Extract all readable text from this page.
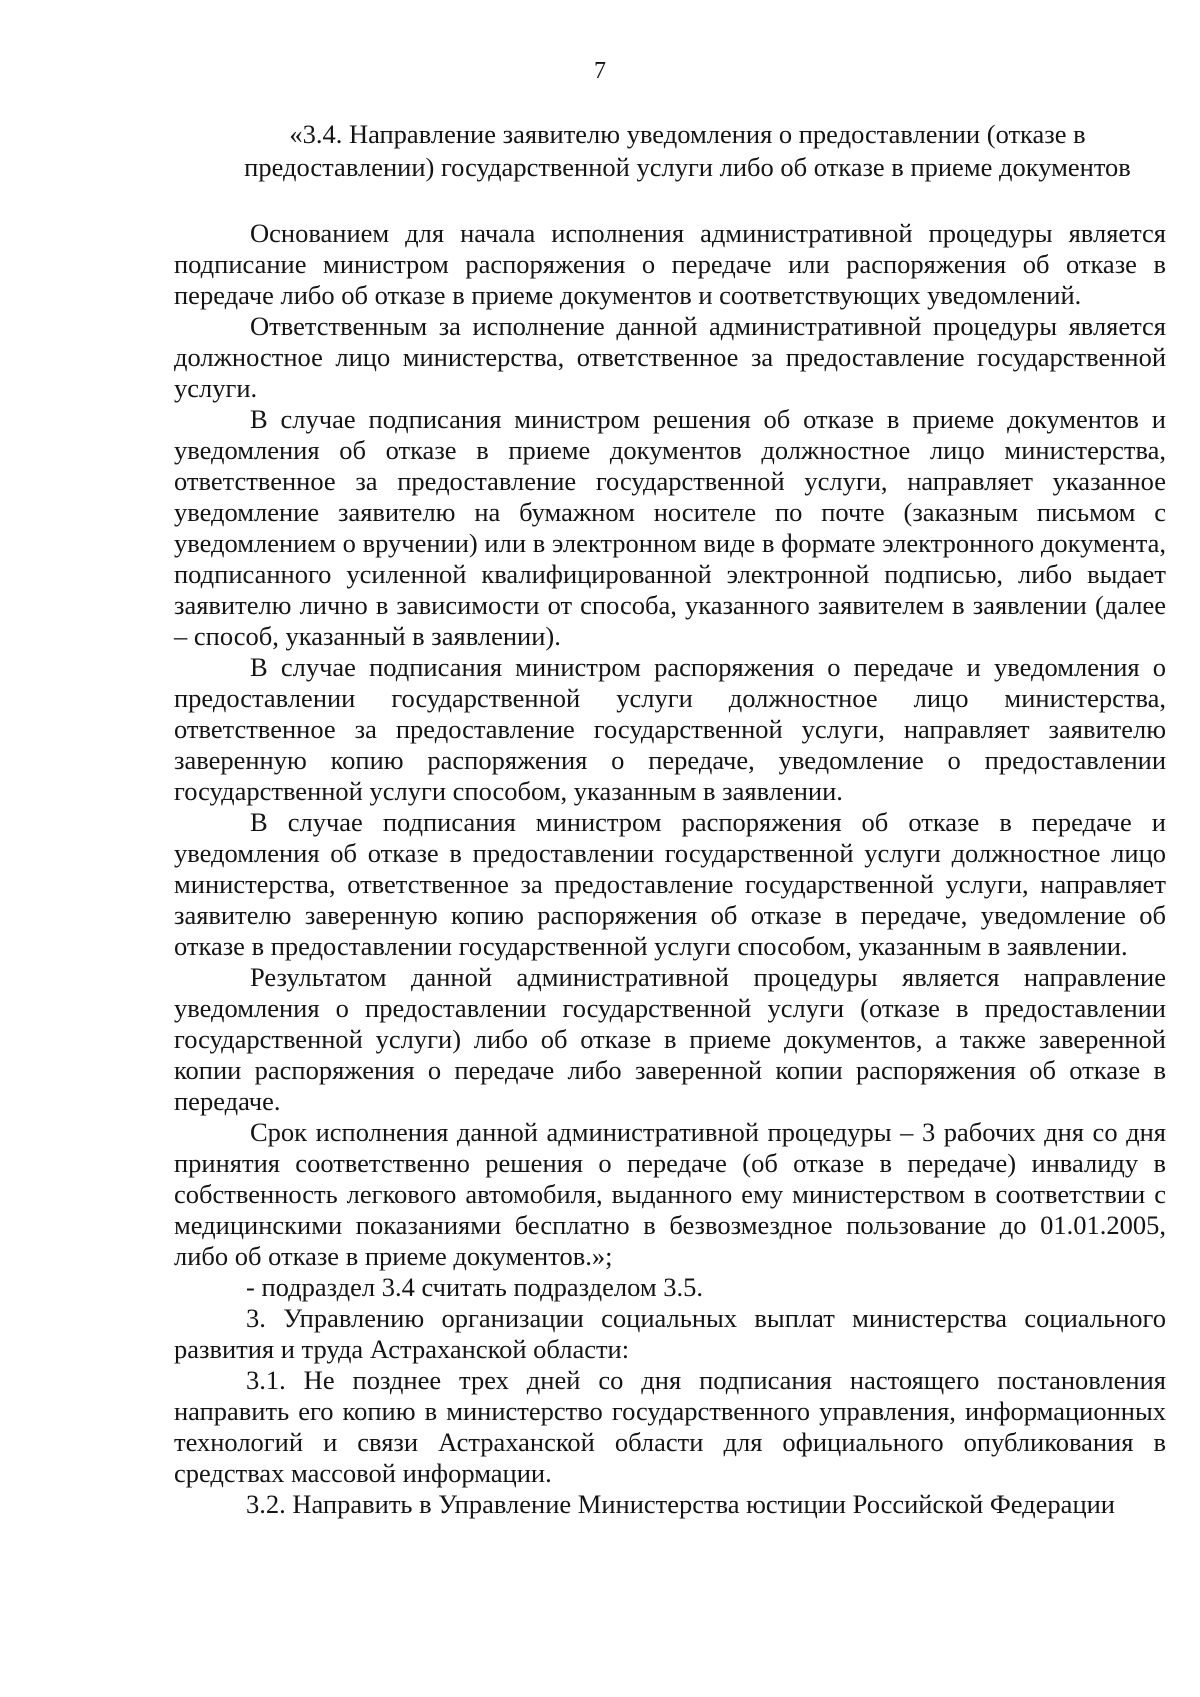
7
«3.4. Направление заявителю уведомления о предоставлении (отказе в предоставлении) государственной услуги либо об отказе в приеме документов

Основанием для начала исполнения административной процедуры является подписание министром распоряжения о передаче или распоряжения об отказе в передаче либо об отказе в приеме документов и соответствующих уведомлений.

Ответственным за исполнение данной административной процедуры является должностное лицо министерства, ответственное за предоставление государственной услуги.

В случае подписания министром решения об отказе в приеме документов и уведомления об отказе в приеме документов должностное лицо министерства, ответственное за предоставление государственной услуги, направляет указанное уведомление заявителю на бумажном носителе по почте (заказным письмом с уведомлением о вручении) или в электронном виде в формате электронного документа, подписанного усиленной квалифицированной электронной подписью, либо выдает заявителю лично в зависимости от способа, указанного заявителем в заявлении (далее – способ, указанный в заявлении).

В случае подписания министром распоряжения о передаче и уведомления о предоставлении государственной услуги должностное лицо министерства, ответственное за предоставление государственной услуги, направляет заявителю заверенную копию распоряжения о передаче, уведомление о предоставлении государственной услуги способом, указанным в заявлении.

В случае подписания министром распоряжения об отказе в передаче и уведомления об отказе в предоставлении государственной услуги должностное лицо министерства, ответственное за предоставление государственной услуги, направляет заявителю заверенную копию распоряжения об отказе в передаче, уведомление об отказе в предоставлении государственной услуги способом, указанным в заявлении.

Результатом данной административной процедуры является направление уведомления о предоставлении государственной услуги (отказе в предоставлении государственной услуги) либо об отказе в приеме документов, а также заверенной копии распоряжения о передаче либо заверенной копии распоряжения об отказе в передаче.

Срок исполнения данной административной процедуры – 3 рабочих дня со дня принятия соответственно решения о передаче (об отказе в передаче) инвалиду в собственность легкового автомобиля, выданного ему министерством в соответствии с медицинскими показаниями бесплатно в безвозмездное пользование до 01.01.2005, либо об отказе в приеме документов.»;

- подраздел 3.4 считать подразделом 3.5.

3. Управлению организации социальных выплат министерства социального развития и труда Астраханской области:

3.1. Не позднее трех дней со дня подписания настоящего постановления направить его копию в министерство государственного управления, информационных технологий и связи Астраханской области для официального опубликования в средствах массовой информации.

3.2. Направить в Управление Министерства юстиции Российской Федерации
